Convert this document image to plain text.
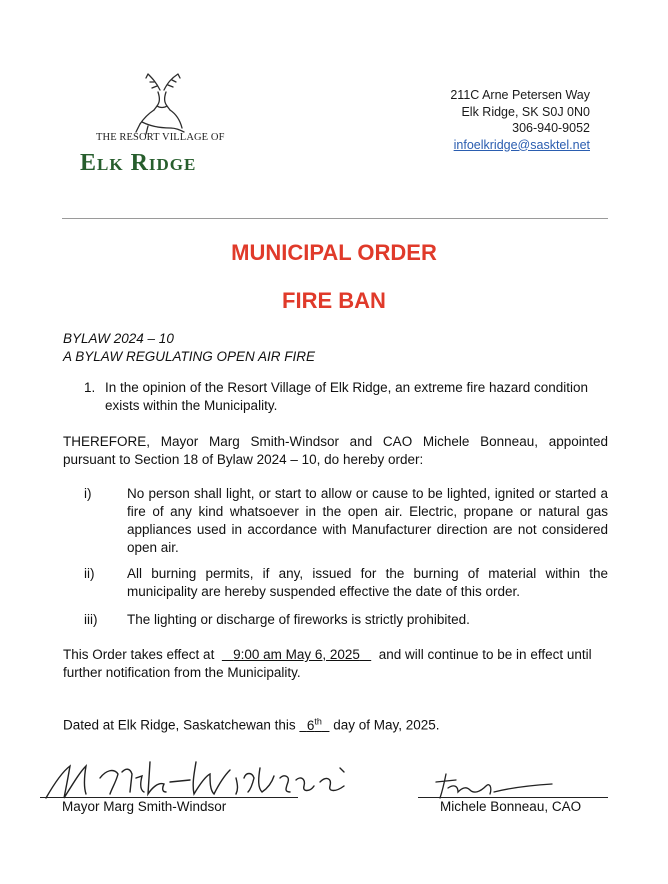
THE RESORT VILLAGE OF
Elk Ridge
211C Arne Petersen Way
Elk Ridge, SK S0J 0N0
306-940-9052
infoelkridge@sasktel.net
MUNICIPAL ORDER
FIRE BAN
BYLAW 2024 – 10
A BYLAW REGULATING OPEN AIR FIRE
1. In the opinion of the Resort Village of Elk Ridge, an extreme fire hazard condition exists within the Municipality.
THEREFORE, Mayor Marg Smith-Windsor and CAO Michele Bonneau, appointed pursuant to Section 18 of Bylaw 2024 – 10, do hereby order:
i)	No person shall light, or start to allow or cause to be lighted, ignited or started a fire of any kind whatsoever in the open air. Electric, propane or natural gas appliances used in accordance with Manufacturer direction are not considered open air.
ii) All burning permits, if any, issued for the burning of material within the municipality are hereby suspended effective the date of this order.
iii) The lighting or discharge of fireworks is strictly prohibited.
This Order takes effect at 9:00 am May 6, 2025 and will continue to be in effect until further notification from the Municipality.
Dated at Elk Ridge, Saskatchewan this 6th day of May, 2025.
Mayor Marg Smith-Windsor	Michele Bonneau, CAO
